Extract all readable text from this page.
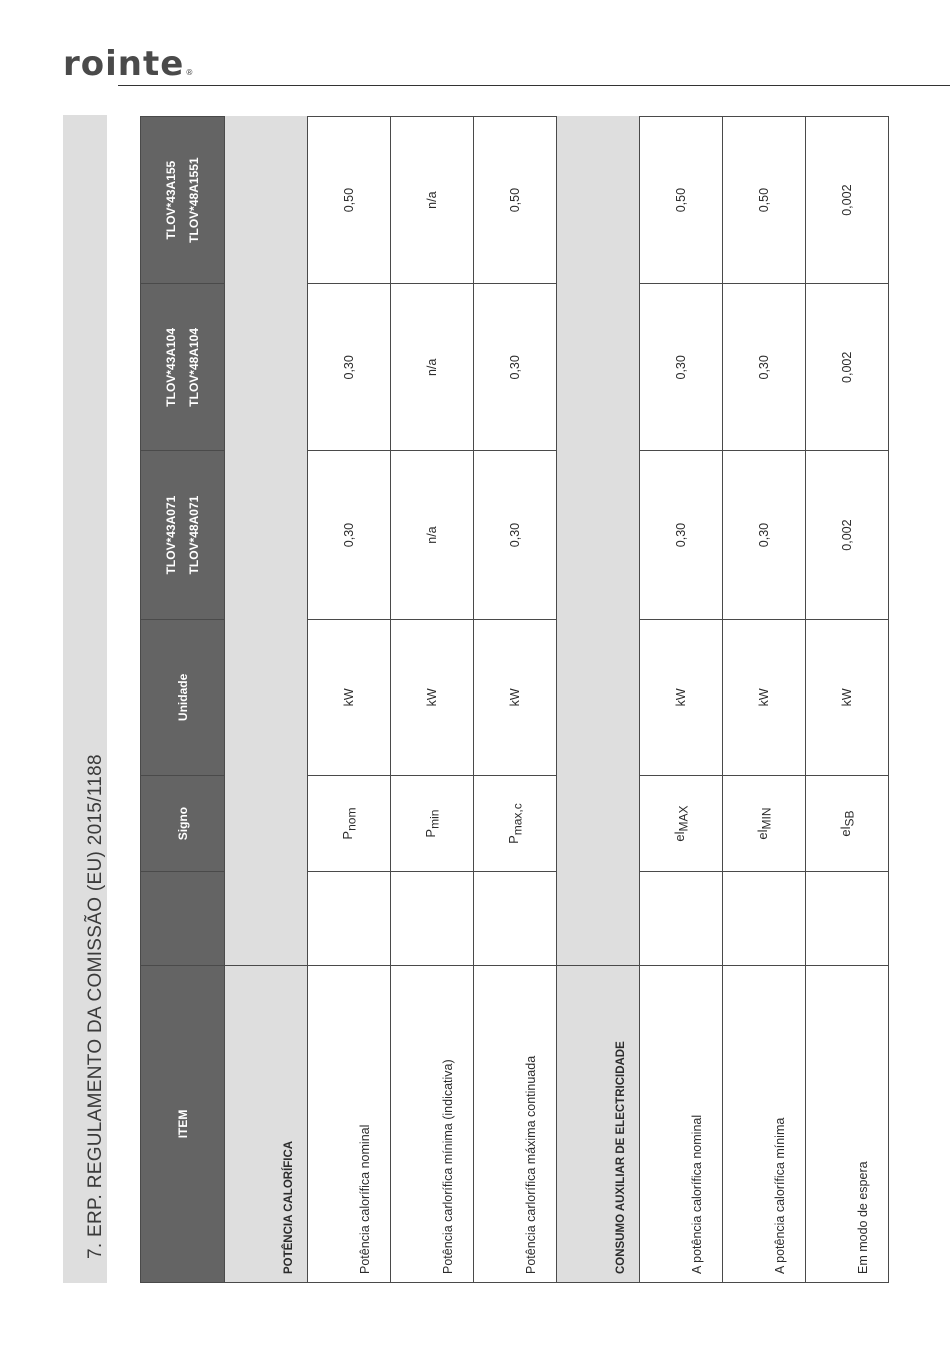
rointe®
7. ERP. REGULAMENTO DA COMISSÃO (EU) 2015/1188	ITEM		Signo	Unidade	TLOV*43A071 TLOV*48A071	TLOV*43A104 TLOV*48A104	TLOV*43A155 TLOV*48A1551

POTÊNCIA CALORÍFICA						
Potência calorífica nominal		$P_{nom}$	kW	0,30	0,30	0,50
Potência carlorífica mínima (indicativa)		$P_{min}$	kW	n/a	n/a	n/a
Potência carlorífica máxima continuada		$P_{max,c}$	kW	0,30	0,30	0,50
CONSUMO AUXILIAR DE ELECTRICIDADE						
A potência calorífica nominal		$el_{MAX}$	kW	0,30	0,30	0,50
A potência calorífica mínima		$el_{MIN}$	kW	0,30	0,30	0,50
Em modo de espera		$el_{SB}$	kW	0,002	0,002	0,002
